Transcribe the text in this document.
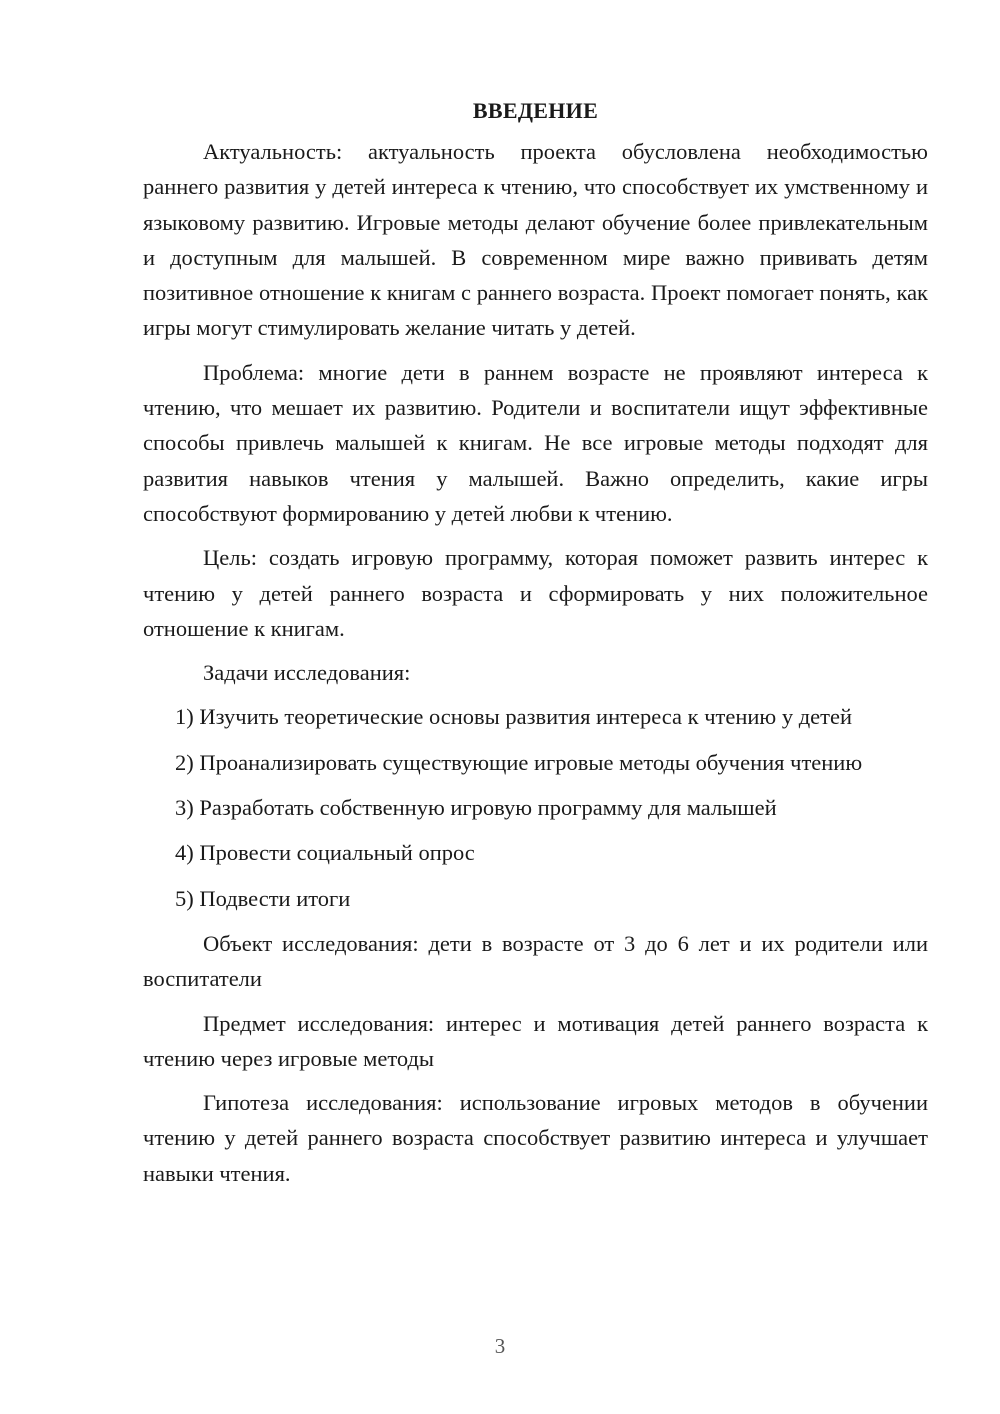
ВВЕДЕНИЕ

Актуальность: актуальность проекта обусловлена необходимостью раннего развития у детей интереса к чтению, что способствует их умственному и языковому развитию. Игровые методы делают обучение более привлекательным и доступным для малышей. В современном мире важно прививать детям позитивное отношение к книгам с раннего возраста. Проект помогает понять, как игры могут стимулировать желание читать у детей.

Проблема: многие дети в раннем возрасте не проявляют интереса к чтению, что мешает их развитию. Родители и воспитатели ищут эффективные способы привлечь малышей к книгам. Не все игровые методы подходят для развития навыков чтения у малышей. Важно определить, какие игры способствуют формированию у детей любви к чтению.

Цель: создать игровую программу, которая поможет развить интерес к чтению у детей раннего возраста и сформировать у них положительное отношение к книгам.

Задачи исследования:

1) Изучить теоретические основы развития интереса к чтению у детей

2) Проанализировать существующие игровые методы обучения чтению

3) Разработать собственную игровую программу для малышей

4) Провести социальный опрос

5) Подвести итоги

Объект исследования: дети в возрасте от 3 до 6 лет и их родители или воспитатели

Предмет исследования: интерес и мотивация детей раннего возраста к чтению через игровые методы

Гипотеза исследования: использование игровых методов в обучении чтению у детей раннего возраста способствует развитию интереса и улучшает навыки чтения.

3
